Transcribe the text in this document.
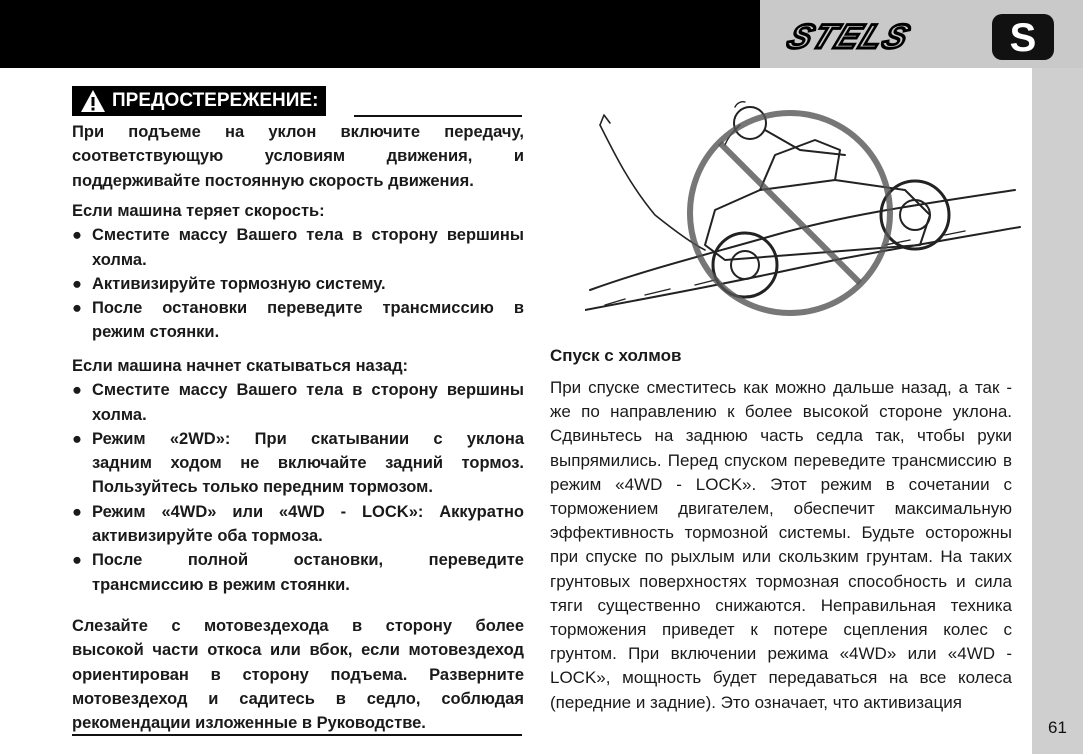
STELS S
61
ПРЕДОСТЕРЕЖЕНИЕ:

При подъеме на уклон включите передачу,

соответствующую условиям движения, и

поддерживайте постоянную скорость движения.

Если машина теряет скорость:

● Сместите массу Вашего тела в сторону вершины

холма.

● Активизируйте тормозную систему.

● После остановки переведите трансмиссию в

режим стоянки.

Если машина начнет скатываться назад:

● Сместите массу Вашего тела в сторону вершины

холма.

● Режим «2WD»: При скатывании с уклона

задним ходом не включайте задний тормоз.

Пользуйтесь только передним тормозом.

● Режим «4WD» или «4WD - LOCK»: Аккуратно

активизируйте оба тормоза.

● После полной остановки, переведите

трансмиссию в режим стоянки.

Слезайте с мотовездехода в сторону более

высокой части откоса или вбок, если мотовездеход

ориентирован в сторону подъема. Разверните

мотовездеход и садитесь в седло, соблюдая

рекомендации изложенные в Руководстве.

Спуск с холмов

При спуске сместитесь как можно дальше назад, а так - же по направлению к более высокой стороне уклона. Сдвиньтесь на заднюю часть седла так, чтобы руки выпрямились. Перед спуском переведите трансмиссию в режим «4WD - LOCK». Этот режим в сочетании с торможением двигателем, обеспечит максимальную эффективность тормозной системы. Будьте осторожны при спуске по рыхлым или скользким грунтам. На таких грунтовых поверхностях тормозная способность и сила тяги существенно снижаются. Неправильная техника торможения приведет к потере сцепления колес с грунтом. При включении режима «4WD» или «4WD - LOCK», мощность будет передаваться на все колеса (передние и задние). Это означает, что активизация
